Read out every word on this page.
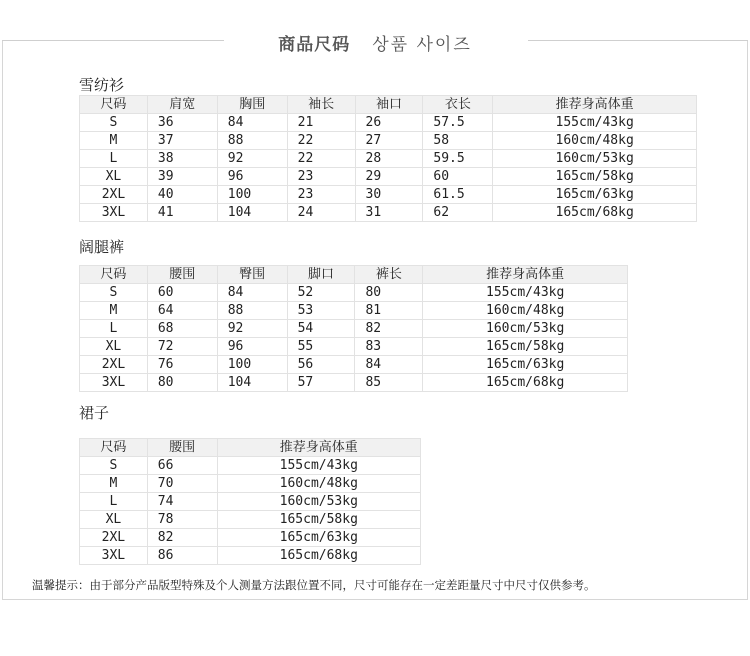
商品尺码 상품 사이즈
雪纺衫
尺码	肩宽	胸围	袖长	袖口	衣长	推荐身高体重
S	36	84	21	26	57.5	155cm/43kg
M	37	88	22	27	58	160cm/48kg
L	38	92	22	28	59.5	160cm/53kg
XL	39	96	23	29	60	165cm/58kg
2XL	40	100	23	30	61.5	165cm/63kg
3XL	41	104	24	31	62	165cm/68kg
阔腿裤
尺码	腰围	臀围	脚口	裤长	推荐身高体重
S	60	84	52	80	155cm/43kg
M	64	88	53	81	160cm/48kg
L	68	92	54	82	160cm/53kg
XL	72	96	55	83	165cm/58kg
2XL	76	100	56	84	165cm/63kg
3XL	80	104	57	85	165cm/68kg
裙子
尺码	腰围	推荐身高体重
S	66	155cm/43kg
M	70	160cm/48kg
L	74	160cm/53kg
XL	78	165cm/58kg
2XL	82	165cm/63kg
3XL	86	165cm/68kg
温馨提示：由于部分产品版型特殊及个人测量方法跟位置不同，尺寸可能存在一定差距量尺寸中尺寸仅供参考。
